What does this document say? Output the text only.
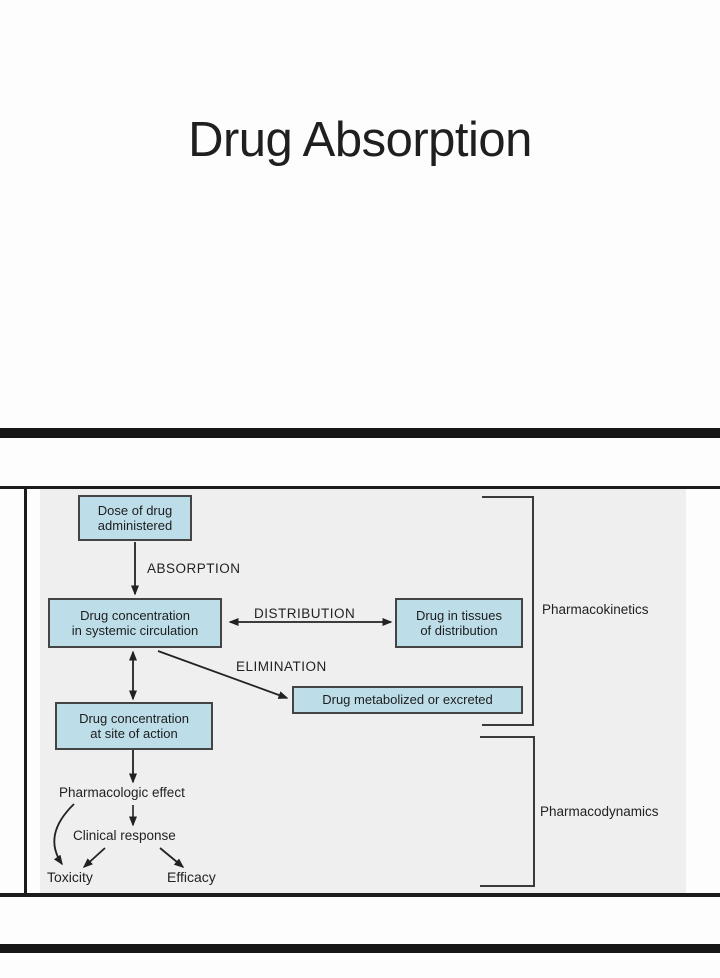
Drug Absorption
Dose of drug
administered
Drug concentration
in systemic circulation
Drug in tissues
of distribution
Drug metabolized or excreted
Drug concentration
at site of action
ABSORPTION
DISTRIBUTION
ELIMINATION
Pharmacologic effect
Clinical response
Toxicity	Efficacy
Pharmacokinetics
Pharmacodynamics
